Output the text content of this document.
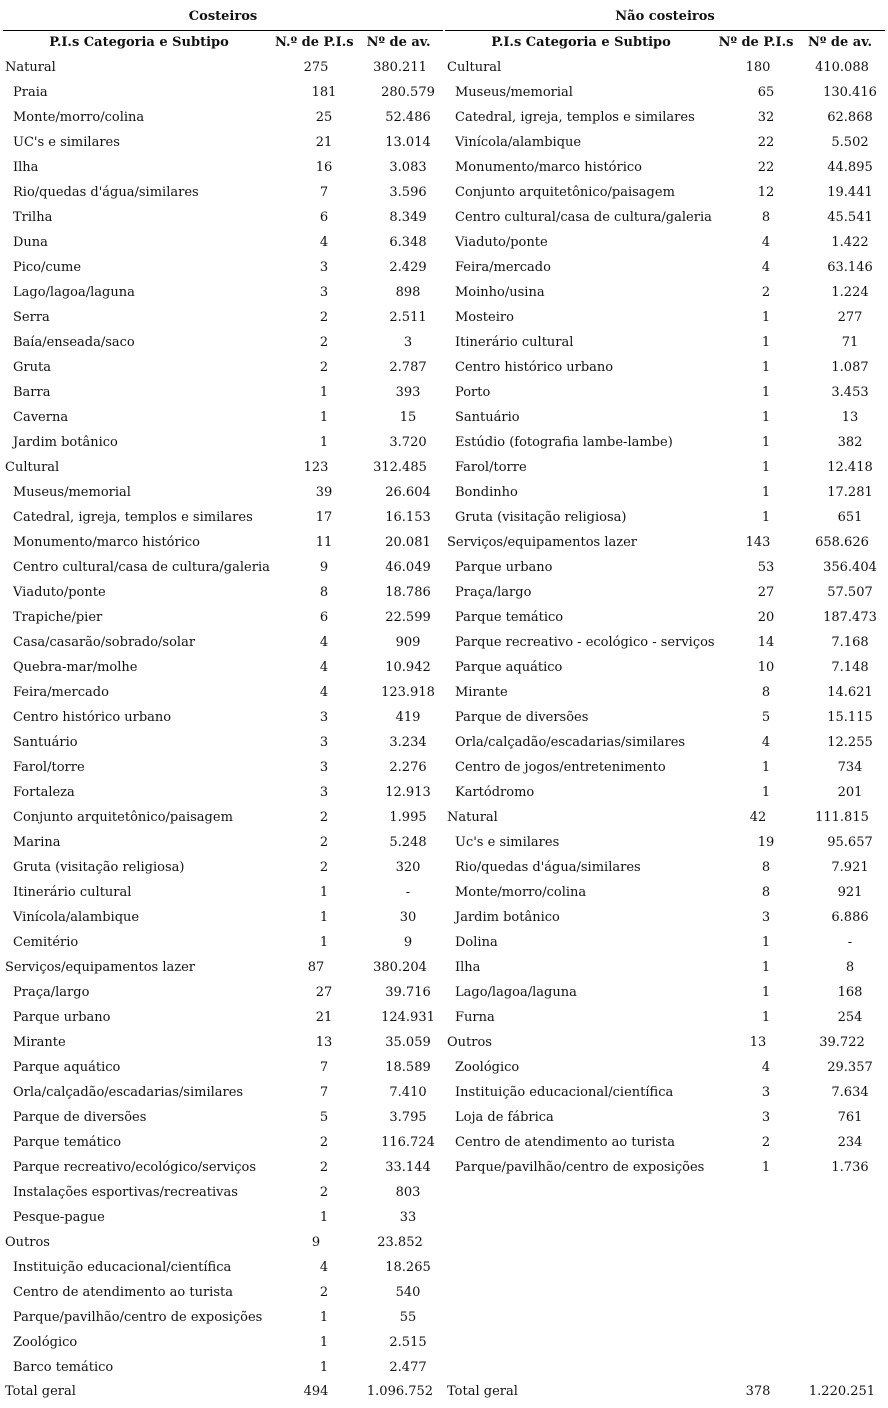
Costeiros
P.I.s Categoria e Subtipo	N.º de P.I.s	Nº de av.
Natural	275	380.211
Praia	181	280.579
Monte/morro/colina	25	52.486
UC's e similares	21	13.014
Ilha	16	3.083
Rio/quedas d'água/similares	7	3.596
Trilha	6	8.349
Duna	4	6.348
Pico/cume	3	2.429
Lago/lagoa/laguna	3	898
Serra	2	2.511
Baía/enseada/saco	2	3
Gruta	2	2.787
Barra	1	393
Caverna	1	15
Jardim botânico	1	3.720
Cultural	123	312.485
Museus/memorial	39	26.604
Catedral, igreja, templos e similares	17	16.153
Monumento/marco histórico	11	20.081
Centro cultural/casa de cultura/galeria	9	46.049
Viaduto/ponte	8	18.786
Trapiche/pier	6	22.599
Casa/casarão/sobrado/solar	4	909
Quebra-mar/molhe	4	10.942
Feira/mercado	4	123.918
Centro histórico urbano	3	419
Santuário	3	3.234
Farol/torre	3	2.276
Fortaleza	3	12.913
Conjunto arquitetônico/paisagem	2	1.995
Marina	2	5.248
Gruta (visitação religiosa)	2	320
Itinerário cultural	1	-
Vinícola/alambique	1	30
Cemitério	1	9
Serviços/equipamentos lazer	87	380.204
Praça/largo	27	39.716
Parque urbano	21	124.931
Mirante	13	35.059
Parque aquático	7	18.589
Orla/calçadão/escadarias/similares	7	7.410
Parque de diversões	5	3.795
Parque temático	2	116.724
Parque recreativo/ecológico/serviços	2	33.144
Instalações esportivas/recreativas	2	803
Pesque-pague	1	33
Outros	9	23.852
Instituição educacional/científica	4	18.265
Centro de atendimento ao turista	2	540
Parque/pavilhão/centro de exposições	1	55
Zoológico	1	2.515
Barco temático	1	2.477
Total geral	494	1.096.752
Não costeiros
P.I.s Categoria e Subtipo	Nº de P.I.s	Nº de av.
Cultural	180	410.088
Museus/memorial	65	130.416
Catedral, igreja, templos e similares	32	62.868
Vinícola/alambique	22	5.502
Monumento/marco histórico	22	44.895
Conjunto arquitetônico/paisagem	12	19.441
Centro cultural/casa de cultura/galeria	8	45.541
Viaduto/ponte	4	1.422
Feira/mercado	4	63.146
Moinho/usina	2	1.224
Mosteiro	1	277
Itinerário cultural	1	71
Centro histórico urbano	1	1.087
Porto	1	3.453
Santuário	1	13
Estúdio (fotografia lambe-lambe)	1	382
Farol/torre	1	12.418
Bondinho	1	17.281
Gruta (visitação religiosa)	1	651
Serviços/equipamentos lazer	143	658.626
Parque urbano	53	356.404
Praça/largo	27	57.507
Parque temático	20	187.473
Parque recreativo - ecológico - serviços	14	7.168
Parque aquático	10	7.148
Mirante	8	14.621
Parque de diversões	5	15.115
Orla/calçadão/escadarias/similares	4	12.255
Centro de jogos/entretenimento	1	734
Kartódromo	1	201
Natural	42	111.815
Uc's e similares	19	95.657
Rio/quedas d'água/similares	8	7.921
Monte/morro/colina	8	921
Jardim botânico	3	6.886
Dolina	1	-
Ilha	1	8
Lago/lagoa/laguna	1	168
Furna	1	254
Outros	13	39.722
Zoológico	4	29.357
Instituição educacional/científica	3	7.634
Loja de fábrica	3	761
Centro de atendimento ao turista	2	234
Parque/pavilhão/centro de exposições	1	1.736
Total geral	378	1.220.251
